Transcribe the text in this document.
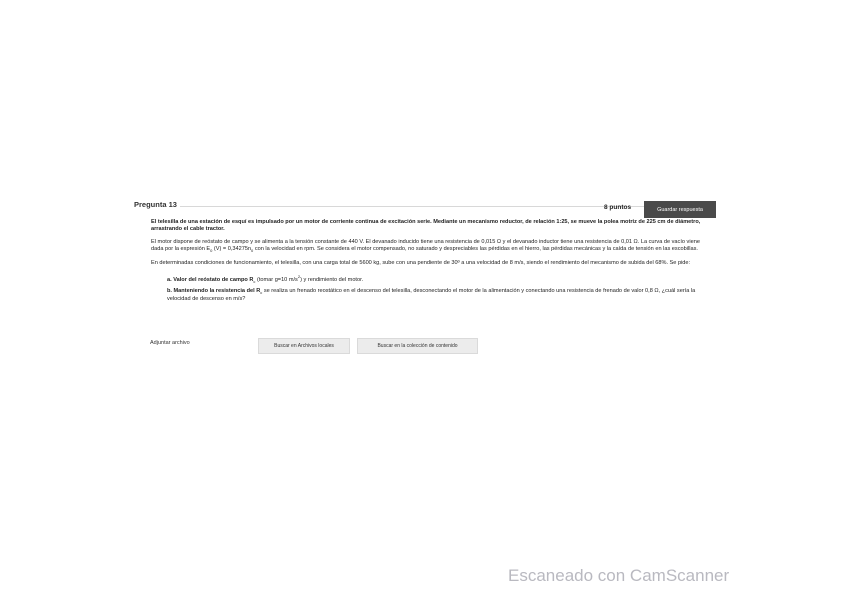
Pregunta 13	8 puntos	Guardar respuesta

El telesilla de una estación de esquí es impulsado por un motor de corriente continua de excitación serie. Mediante un mecanismo reductor, de relación 1:25, se mueve la polea motriz de 225 cm de diámetro, arrastrando el cable tractor.

El motor dispone de reóstato de campo y se alimenta a la tensión constante de 440 V. El devanado inducido tiene una resistencia de 0,015 Ω y el devanado inductor tiene una resistencia de 0,01 Ω. La curva de vacío viene dada por la expresión $E_0$ $(V) = 0,34275n_0$ con la velocidad en rpm. Se considera el motor compensado, no saturado y despreciables las pérdidas en el hierro, las pérdidas mecánicas y la caída de tensión en las escobillas.

En determinadas condiciones de funcionamiento, el telesilla, con una carga total de 5600 kg, sube con una pendiente de 30º a una velocidad de 8 m/s, siendo el rendimiento del mecanismo de subida del 68%. Se pide:

a. Valor del reóstato de campo $R_c$ (tomar g=10 $m/s^2$) y rendimiento del motor.
b. Manteniendo la resistencia del $R_c$ se realiza un frenado reostático en el descenso del telesilla, desconectando el motor de la alimentación y conectando una resistencia de frenado de valor 0,8 Ω, ¿cuál sería la velocidad de descenso en m/s?
Adjuntar archivo	Buscar en Archivos locales	Buscar en la colección de contenido
Escaneado con CamScanner
